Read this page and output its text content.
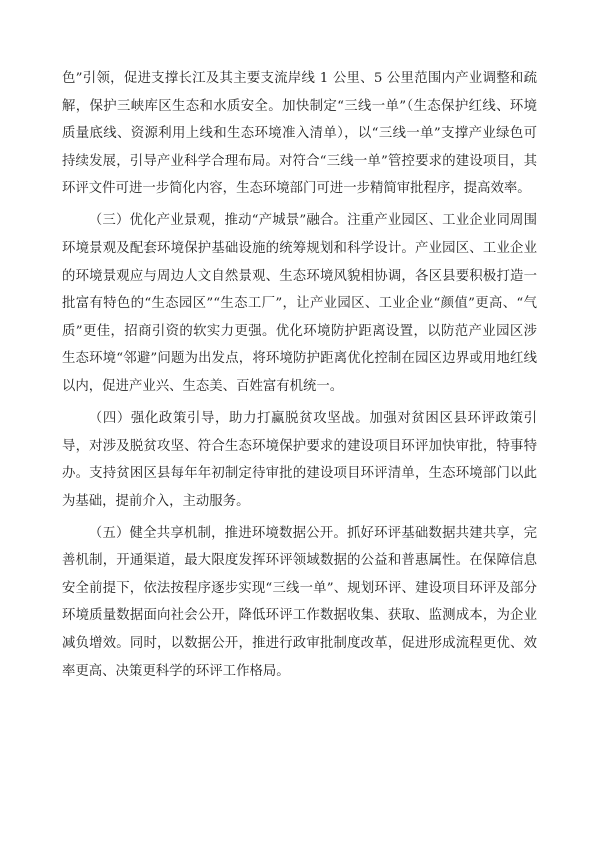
色”引领，促进支撑长江及其主要支流岸线 1 公里、5 公里范围内产业调整和疏解，保护三峡库区生态和水质安全。加快制定“三线一单”（生态保护红线、环境质量底线、资源利用上线和生态环境准入清单），以“三线一单”支撑产业绿色可持续发展，引导产业科学合理布局。对符合“三线一单”管控要求的建设项目，其环评文件可进一步简化内容，生态环境部门可进一步精简审批程序，提高效率。

（三）优化产业景观，推动“产城景”融合。注重产业园区、工业企业同周围环境景观及配套环境保护基础设施的统筹规划和科学设计。产业园区、工业企业的环境景观应与周边人文自然景观、生态环境风貌相协调，各区县要积极打造一批富有特色的“生态园区”“生态工厂”，让产业园区、工业企业“颜值”更高、“气质”更佳，招商引资的软实力更强。优化环境防护距离设置，以防范产业园区涉生态环境“邻避”问题为出发点，将环境防护距离优化控制在园区边界或用地红线以内，促进产业兴、生态美、百姓富有机统一。

（四）强化政策引导，助力打赢脱贫攻坚战。加强对贫困区县环评政策引导，对涉及脱贫攻坚、符合生态环境保护要求的建设项目环评加快审批，特事特办。支持贫困区县每年年初制定待审批的建设项目环评清单，生态环境部门以此为基础，提前介入，主动服务。

（五）健全共享机制，推进环境数据公开。抓好环评基础数据共建共享，完善机制，开通渠道，最大限度发挥环评领域数据的公益和普惠属性。在保障信息安全前提下，依法按程序逐步实现“三线一单”、规划环评、建设项目环评及部分环境质量数据面向社会公开，降低环评工作数据收集、获取、监测成本，为企业减负增效。同时，以数据公开，推进行政审批制度改革，促进形成流程更优、效率更高、决策更科学的环评工作格局。
